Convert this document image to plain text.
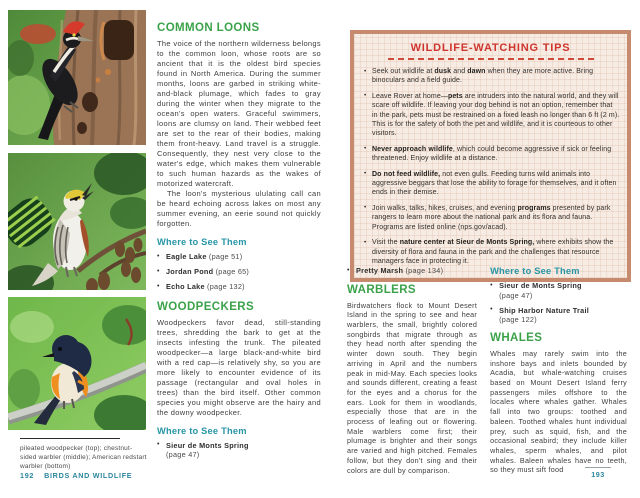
pileated woodpecker (top); chestnut-sided warbler (middle); American redstart warbler (bottom)
192 BIRDS AND WILDLIFE
COMMON LOONS

The voice of the northern wilderness belongs to the common loon, whose roots are so ancient that it is the oldest bird species found in North America. During the summer months, loons are garbed in striking white-and-black plumage, which fades to gray during the winter when they migrate to the ocean's open waters. Graceful swimmers, loons are clumsy on land. Their webbed feet are set to the rear of their bodies, making them front-heavy. Land travel is a struggle. Consequently, they nest very close to the water's edge, which makes them vulnerable to such human hazards as the wakes of motorized watercraft.

The loon's mysterious ululating call can be heard echoing across lakes on most any summer evening, an eerie sound not quickly forgotten.

Where to See Them
• Eagle Lake (page 51)
• Jordan Pond (page 65)
• Echo Lake (page 132)
WOODPECKERS

Woodpeckers favor dead, still-standing trees, shredding the bark to get at the insects infesting the trunk. The pileated woodpecker—a large black-and-white bird with a red cap—is relatively shy, so you are more likely to encounter evidence of its passage (rectangular and oval holes in trees) than the bird itself. Other common species you might observe are the hairy and the downy woodpecker.

Where to See Them
• Sieur de Monts Spring (page 47)
WILDLIFE-WATCHING TIPS
• Seek out wildlife at dusk and dawn when they are more active. Bring binoculars and a field guide.
• Leave Rover at home—pets are intruders into the natural world, and they will scare off wildlife. If leaving your dog behind is not an option, remember that in the park, pets must be restrained on a fixed leash no longer than 6 ft (2 m). This is for the safety of both the pet and wildlife, and it is courteous to other visitors.
• Never approach wildlife, which could become aggressive if sick or feeling threatened. Enjoy wildlife at a distance.
• Do not feed wildlife, not even gulls. Feeding turns wild animals into aggressive beggars that lose the ability to forage for themselves, and it often ends in their demise.
• Join walks, talks, hikes, cruises, and evening programs presented by park rangers to learn more about the national park and its flora and fauna. Programs are listed online (nps.gov/acad).
• Visit the nature center at Sieur de Monts Spring, where exhibits show the diversity of flora and fauna in the park and the challenges that resource managers face in protecting it.
• Pretty Marsh (page 134)
WARBLERS

Birdwatchers flock to Mount Desert Island in the spring to see and hear warblers, the small, brightly colored songbirds that migrate through as they head north after spending the winter down south. They begin arriving in April and the numbers peak in mid-May. Each species looks and sounds different, creating a feast for the eyes and a chorus for the ears. Look for them in woodlands, especially those that are in the process of leafing out or flowering. Male warblers come first; their plumage is brighter and their songs are varied and high pitched. Females follow, but they don't sing and their colors are dull by comparison.

Where to See Them
• Sieur de Monts Spring (page 47)
• Ship Harbor Nature Trail (page 122)
WHALES

Whales may rarely swim into the inshore bays and inlets bounded by Acadia, but whale-watching cruises based on Mount Desert Island ferry passengers miles offshore to the locales where whales gather. Whales fall into two groups: toothed and baleen. Toothed whales hunt individual prey, such as squid, fish, and the occasional seabird; they include killer whales, sperm whales, and pilot whales. Baleen whales have no teeth, so they must sift food

193
